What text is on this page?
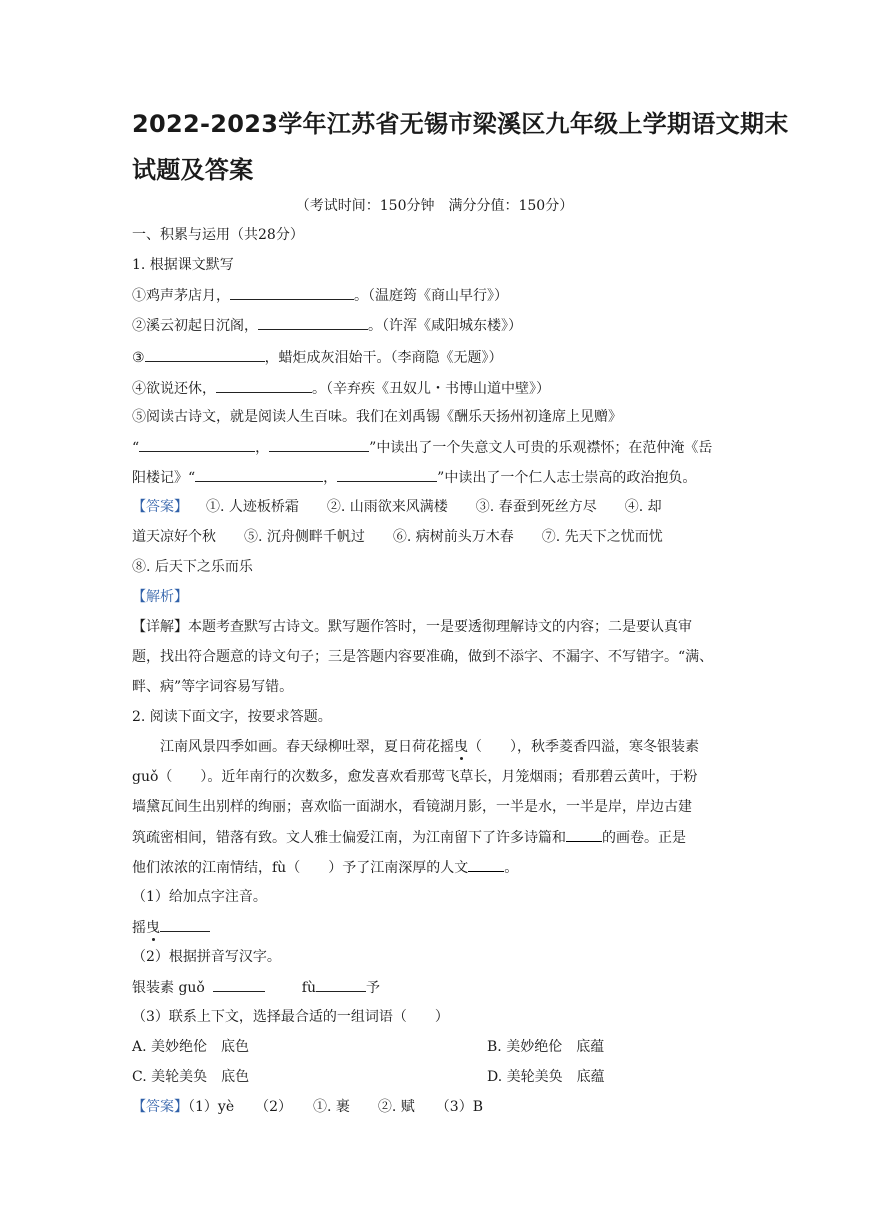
2022-2023学年江苏省无锡市梁溪区九年级上学期语文期末
试题及答案
（考试时间：150分钟　满分分值：150分）
一、积累与运用（共28分）
1. 根据课文默写
①鸡声茅店月，	。（温庭筠《商山早行》）
②溪云初起日沉阁，	。（许浑《咸阳城东楼》）
③	，蜡炬成灰泪始干。（李商隐《无题》）
④欲说还休，	。（辛弃疾《丑奴儿・书博山道中壁》）
⑤阅读古诗文，就是阅读人生百味。我们在刘禹锡《酬乐天扬州初逢席上见赠》
“	，	”中读出了一个失意文人可贵的乐观襟怀；在范仲淹《岳
阳楼记》“	，	”中读出了一个仁人志士崇高的政治抱负。
【答案】 ①. 人迹板桥霜　　②. 山雨欲来风满楼　　③. 春蚕到死丝方尽　　④. 却
道天凉好个秋　　⑤. 沉舟侧畔千帆过　　⑥. 病树前头万木春　　⑦. 先天下之忧而忧
⑧. 后天下之乐而乐
【解析】
【详解】本题考查默写古诗文。默写题作答时，一是要透彻理解诗文的内容；二是要认真审
题，找出符合题意的诗文句子；三是答题内容要准确，做到不添字、不漏字、不写错字。“满、
畔、病”等字词容易写错。
2. 阅读下面文字，按要求答题。
江南风景四季如画。春天绿柳吐翠，夏日荷花摇曳（　　），秋季菱香四溢，寒冬银装素
guǒ（　　）。近年南行的次数多，愈发喜欢看那莺飞草长，月笼烟雨；看那碧云黄叶，于粉
墙黛瓦间生出别样的绚丽；喜欢临一面湖水，看镜湖月影，一半是水，一半是岸，岸边古建
筑疏密相间，错落有致。文人雅士偏爱江南，为江南留下了许多诗篇和	的画卷。正是
他们浓浓的江南情结，fù（　　）予了江南深厚的人文	。
（1）给加点字注音。
摇曳
（2）根据拼音写汉字。
银装素 guǒ	fù	予
（3）联系上下文，选择最合适的一组词语（　　）
A. 美妙绝伦　底色	B. 美妙绝伦　底蕴
C. 美轮美奂　底色	D. 美轮美奂　底蕴
【答案】（1）yè　　（2）　　①. 裹　　②. 赋　　（3）B
